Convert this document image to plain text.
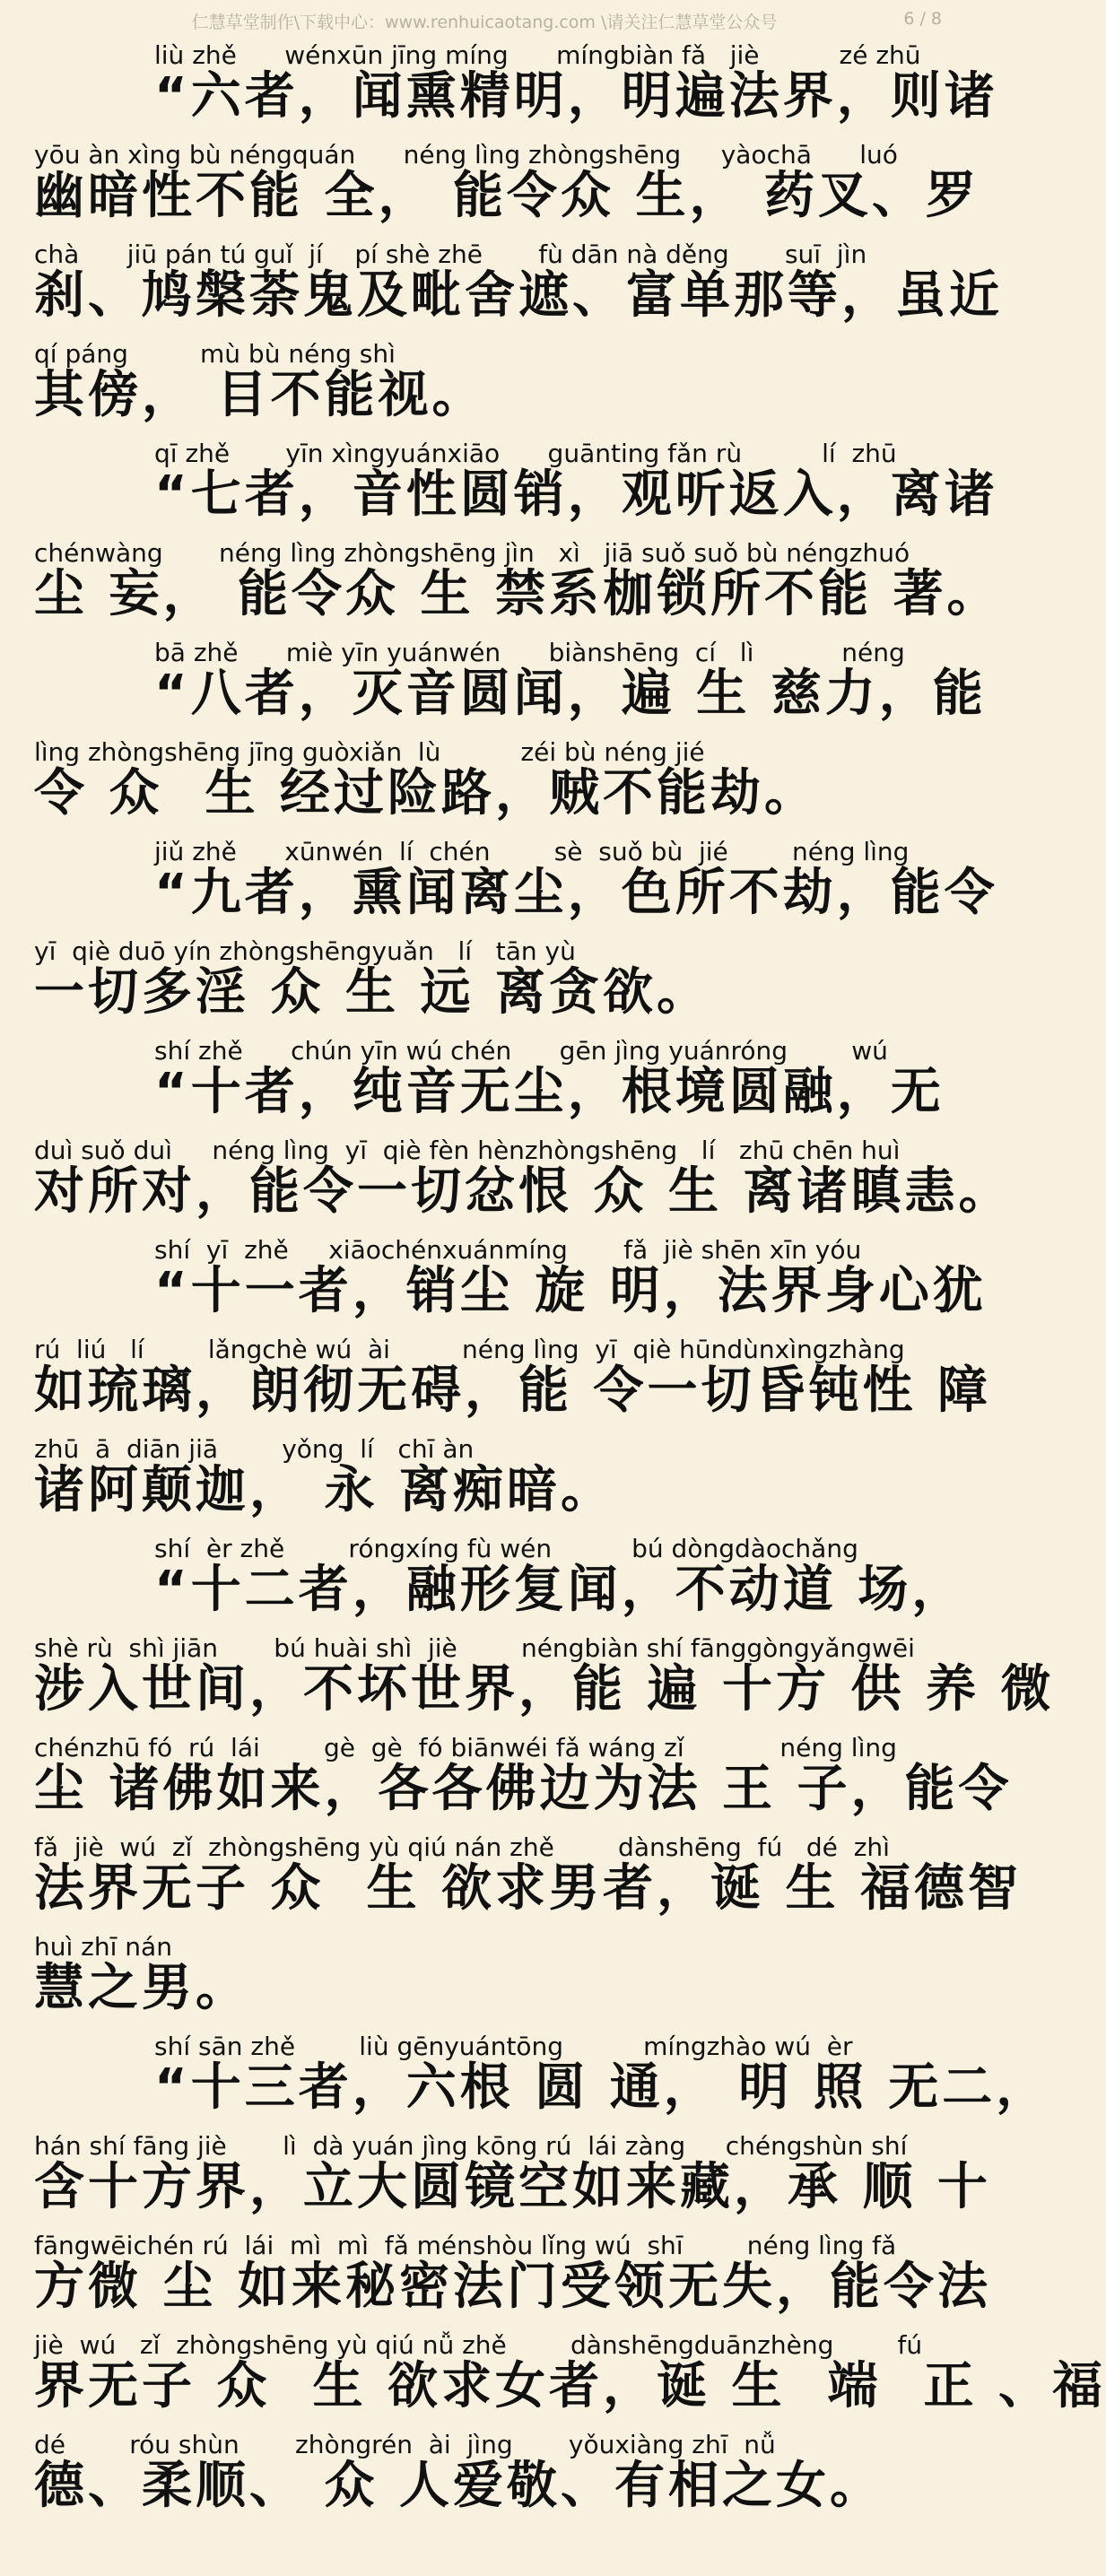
仁慧草堂制作\下载中心：www.renhuicaotang.com \请关注仁慧草堂公众号	6 / 8
liù zhě      wénxūn jīng míng      míngbiàn fǎ   jiè          zé zhū
“六者，闻熏精明，明遍法界，则诸
yōu àn xìng bù néngquán      néng lìng zhòngshēng     yàochā      luó
幽暗性不能 全， 能令众 生， 药叉、罗
chà      jiū pán tú guǐ  jí    pí shè zhē       fù dān nà děng       suī  jìn
刹、鸠槃荼鬼及毗舍遮、富单那等，虽近
qí páng         mù bù néng shì
其傍， 目不能视。
qī zhě       yīn xìngyuánxiāo      guānting fǎn rù          lí  zhū
“七者，音性圆销，观听返入，离诸
chénwàng       néng lìng zhòngshēng jìn   xì   jiā suǒ suǒ bù néngzhuó
尘 妄， 能令众 生 禁系枷锁所不能 著。
bā zhě      miè yīn yuánwén      biànshēng  cí   lì           néng
“八者，灭音圆闻，遍 生 慈力，能
lìng zhòngshēng jīng guòxiǎn  lù          zéi bù néng jié
令 众  生 经过险路，贼不能劫。
jiǔ zhě      xūnwén  lí  chén        sè  suǒ bù  jié        néng lìng
“九者，熏闻离尘，色所不劫，能令
yī  qiè duō yín zhòngshēngyuǎn   lí   tān yù
一切多淫 众 生 远 离贪欲。
shí zhě      chún yīn wú chén      gēn jìng yuánróng        wú
“十者，纯音无尘，根境圆融，无
duì suǒ duì     néng lìng  yī  qiè fèn hènzhòngshēng   lí   zhū chēn huì
对所对，能令一切忿恨 众 生 离诸瞋恚。
shí  yī  zhě     xiāochénxuánmíng       fǎ  jiè shēn xīn yóu
“十一者，销尘 旋 明，法界身心犹
rú  liú   lí        lǎngchè wú  ài         néng lìng  yī  qiè hūndùnxìngzhàng
如琉璃，朗彻无碍，能 令一切昏钝性 障
zhū  ā  diān jiā        yǒng  lí   chī àn
诸阿颠迦， 永 离痴暗。
shí  èr zhě        róngxíng fù wén          bú dòngdàochǎng
“十二者，融形复闻，不动道 场，
shè rù  shì jiān       bú huài shì  jiè        néngbiàn shí fānggòngyǎngwēi
涉入世间，不坏世界，能 遍 十方 供 养 微
chénzhū fó  rú  lái        gè  gè  fó biānwéi fǎ wáng zǐ            néng lìng
尘 诸佛如来，各各佛边为法 王 子，能令
fǎ  jiè  wú  zǐ  zhòngshēng yù qiú nán zhě        dànshēng  fú   dé  zhì
法界无子 众  生 欲求男者，诞 生 福德智
huì zhī nán
慧之男。
shí sān zhě        liù gēnyuántōng          míngzhào wú  èr
“十三者，六根 圆 通， 明 照 无二，
hán shí fāng jiè       lì  dà yuán jìng kōng rú  lái zàng     chéngshùn shí
含十方界，立大圆镜空如来藏，承 顺 十
fāngwēichén rú  lái  mì  mì  fǎ ménshòu lǐng wú  shī        néng lìng fǎ
方微 尘 如来秘密法门受领无失，能令法
jiè  wú   zǐ  zhòngshēng yù qiú nǚ zhě        dànshēngduānzhèng        fú
界无子 众  生 欲求女者，诞 生  端  正 、福
dé        róu shùn       zhòngrén  ài  jìng       yǒuxiàng zhī  nǚ
德、柔顺、 众 人爱敬、有相之女。
